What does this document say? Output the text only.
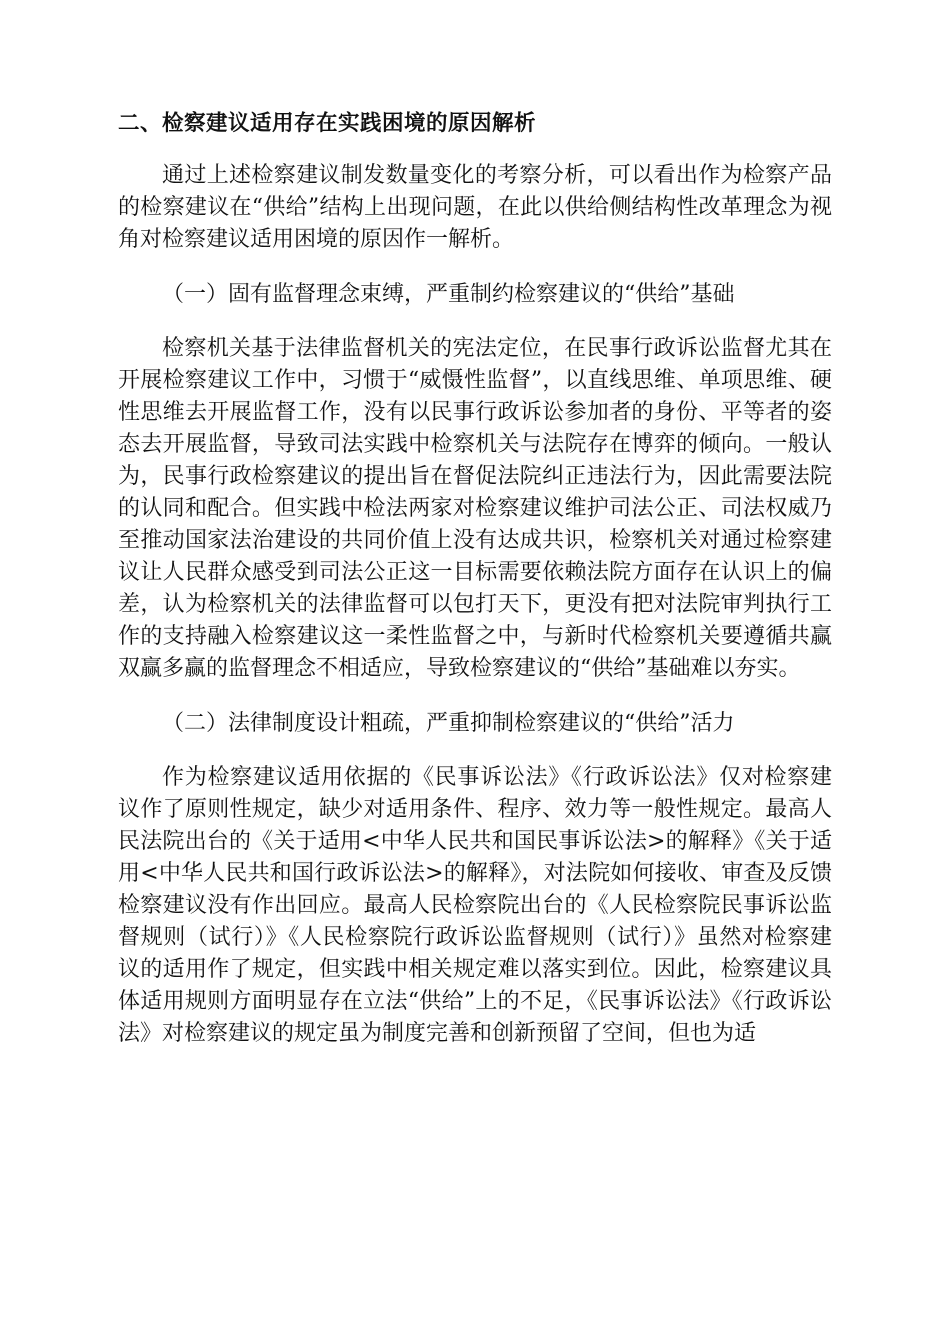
二、检察建议适用存在实践困境的原因解析

通过上述检察建议制发数量变化的考察分析，可以看出作为检察产品的检察建议在“供给”结构上出现问题，在此以供给侧结构性改革理念为视角对检察建议适用困境的原因作一解析。

（一）固有监督理念束缚，严重制约检察建议的“供给”基础

检察机关基于法律监督机关的宪法定位，在民事行政诉讼监督尤其在开展检察建议工作中，习惯于“威慑性监督”，以直线思维、单项思维、硬性思维去开展监督工作，没有以民事行政诉讼参加者的身份、平等者的姿态去开展监督，导致司法实践中检察机关与法院存在博弈的倾向。一般认为，民事行政检察建议的提出旨在督促法院纠正违法行为，因此需要法院的认同和配合。但实践中检法两家对检察建议维护司法公正、司法权威乃至推动国家法治建设的共同价值上没有达成共识，检察机关对通过检察建议让人民群众感受到司法公正这一目标需要依赖法院方面存在认识上的偏差，认为检察机关的法律监督可以包打天下，更没有把对法院审判执行工作的支持融入检察建议这一柔性监督之中，与新时代检察机关要遵循共赢双赢多赢的监督理念不相适应，导致检察建议的“供给”基础难以夯实。

（二）法律制度设计粗疏，严重抑制检察建议的“供给”活力

作为检察建议适用依据的《民事诉讼法》《行政诉讼法》仅对检察建议作了原则性规定，缺少对适用条件、程序、效力等一般性规定。最高人民法院出台的《关于适用<中华人民共和国民事诉讼法>的解释》《关于适用<中华人民共和国行政诉讼法>的解释》，对法院如何接收、审查及反馈检察建议没有作出回应。最高人民检察院出台的《人民检察院民事诉讼监督规则（试行）》《人民检察院行政诉讼监督规则（试行）》虽然对检察建议的适用作了规定，但实践中相关规定难以落实到位。因此，检察建议具体适用规则方面明显存在立法“供给”上的不足，《民事诉讼法》《行政诉讼法》对检察建议的规定虽为制度完善和创新预留了空间，但也为适
